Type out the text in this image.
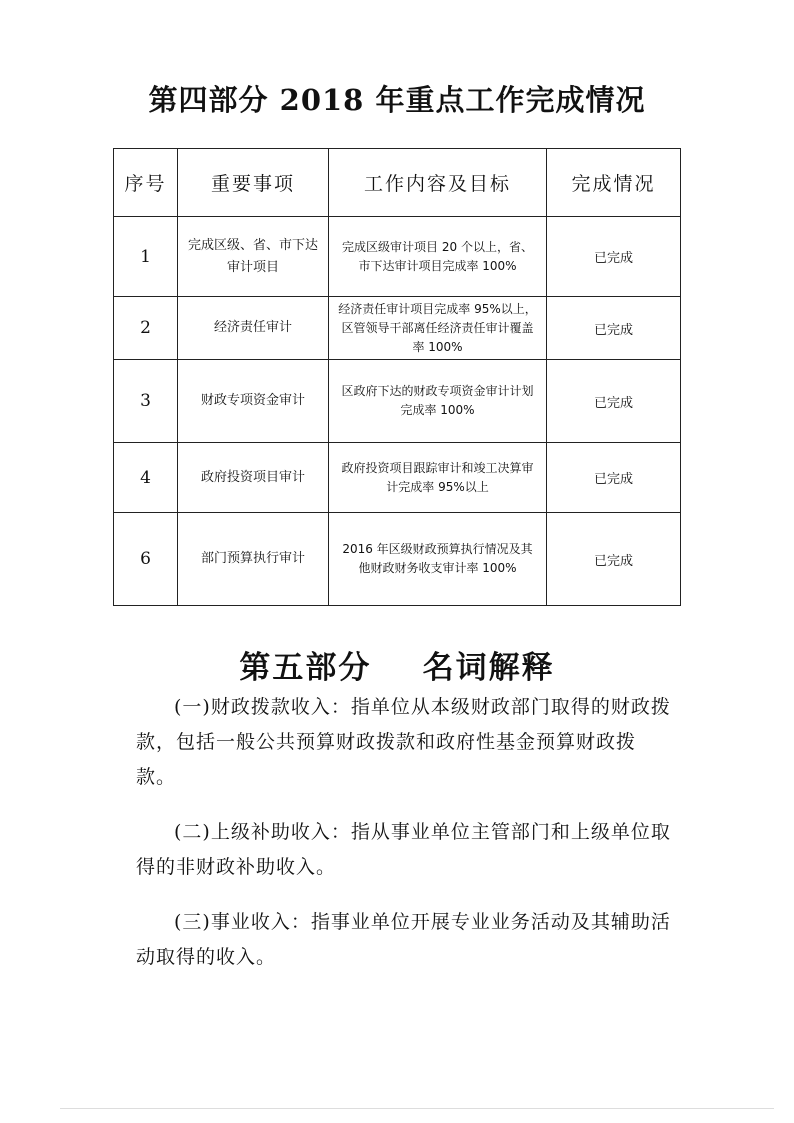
第四部分 2018 年重点工作完成情况
序号	重要事项	工作内容及目标	完成情况
1	完成区级、省、市下达审计项目	完成区级审计项目 20 个以上，省、市下达审计项目完成率 100%	已完成
2	经济责任审计	经济责任审计项目完成率 95%以上，区管领导干部离任经济责任审计覆盖率 100%	已完成
3	财政专项资金审计	区政府下达的财政专项资金审计计划完成率 100%	已完成
4	政府投资项目审计	政府投资项目跟踪审计和竣工决算审计完成率 95%以上	已完成
6	部门预算执行审计	2016 年区级财政预算执行情况及其他财政财务收支审计率 100%	已完成
第五部分    名词解释

(一)财政拨款收入：指单位从本级财政部门取得的财政拨款，包括一般公共预算财政拨款和政府性基金预算财政拨款。

(二)上级补助收入：指从事业单位主管部门和上级单位取得的非财政补助收入。

(三)事业收入：指事业单位开展专业业务活动及其辅助活动取得的收入。
